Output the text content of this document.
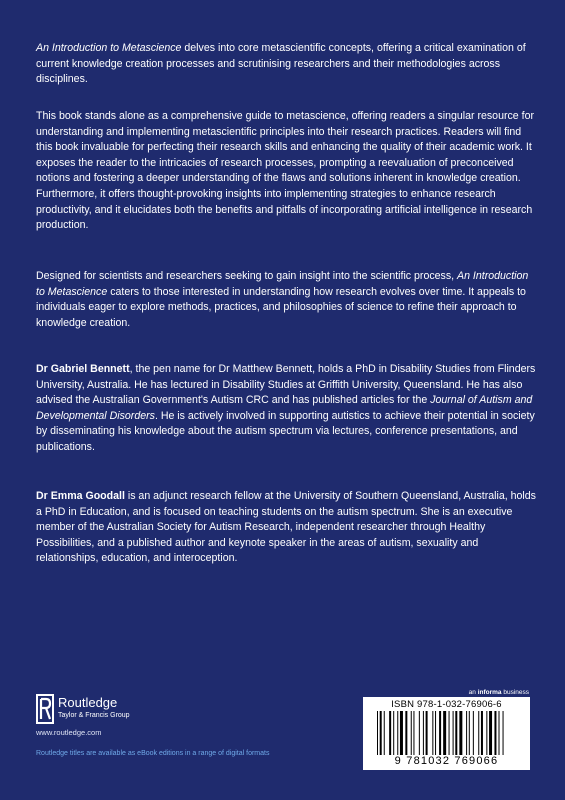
An Introduction to Metascience delves into core metascientific concepts, offering a critical examination of current knowledge creation processes and scrutinising researchers and their methodologies across disciplines.

This book stands alone as a comprehensive guide to metascience, offering readers a singular resource for understanding and implementing metascientific principles into their research practices. Readers will find this book invaluable for perfecting their research skills and enhancing the quality of their academic work. It exposes the reader to the intricacies of research processes, prompting a reevaluation of preconceived notions and fostering a deeper understanding of the flaws and solutions inherent in knowledge creation. Furthermore, it offers thought-provoking insights into implementing strategies to enhance research productivity, and it elucidates both the benefits and pitfalls of incorporating artificial intelligence in research production.

Designed for scientists and researchers seeking to gain insight into the scientific process, An Introduction to Metascience caters to those interested in understanding how research evolves over time. It appeals to individuals eager to explore methods, practices, and philosophies of science to refine their approach to knowledge creation.

Dr Gabriel Bennett, the pen name for Dr Matthew Bennett, holds a PhD in Disability Studies from Flinders University, Australia. He has lectured in Disability Studies at Griffith University, Queensland. He has also advised the Australian Government's Autism CRC and has published articles for the Journal of Autism and Developmental Disorders. He is actively involved in supporting autistics to achieve their potential in society by disseminating his knowledge about the autism spectrum via lectures, conference presentations, and publications.

Dr Emma Goodall is an adjunct research fellow at the University of Southern Queensland, Australia, holds a PhD in Education, and is focused on teaching students on the autism spectrum. She is an executive member of the Australian Society for Autism Research, independent researcher through Healthy Possibilities, and a published author and keynote speaker in the areas of autism, sexuality and relationships, education, and interoception.

Routledge
Taylor & Francis Group
www.routledge.com
Routledge titles are available as eBook editions in a range of digital formats
an informa business
ISBN 978-1-032-76906-6
9 781032 769066
